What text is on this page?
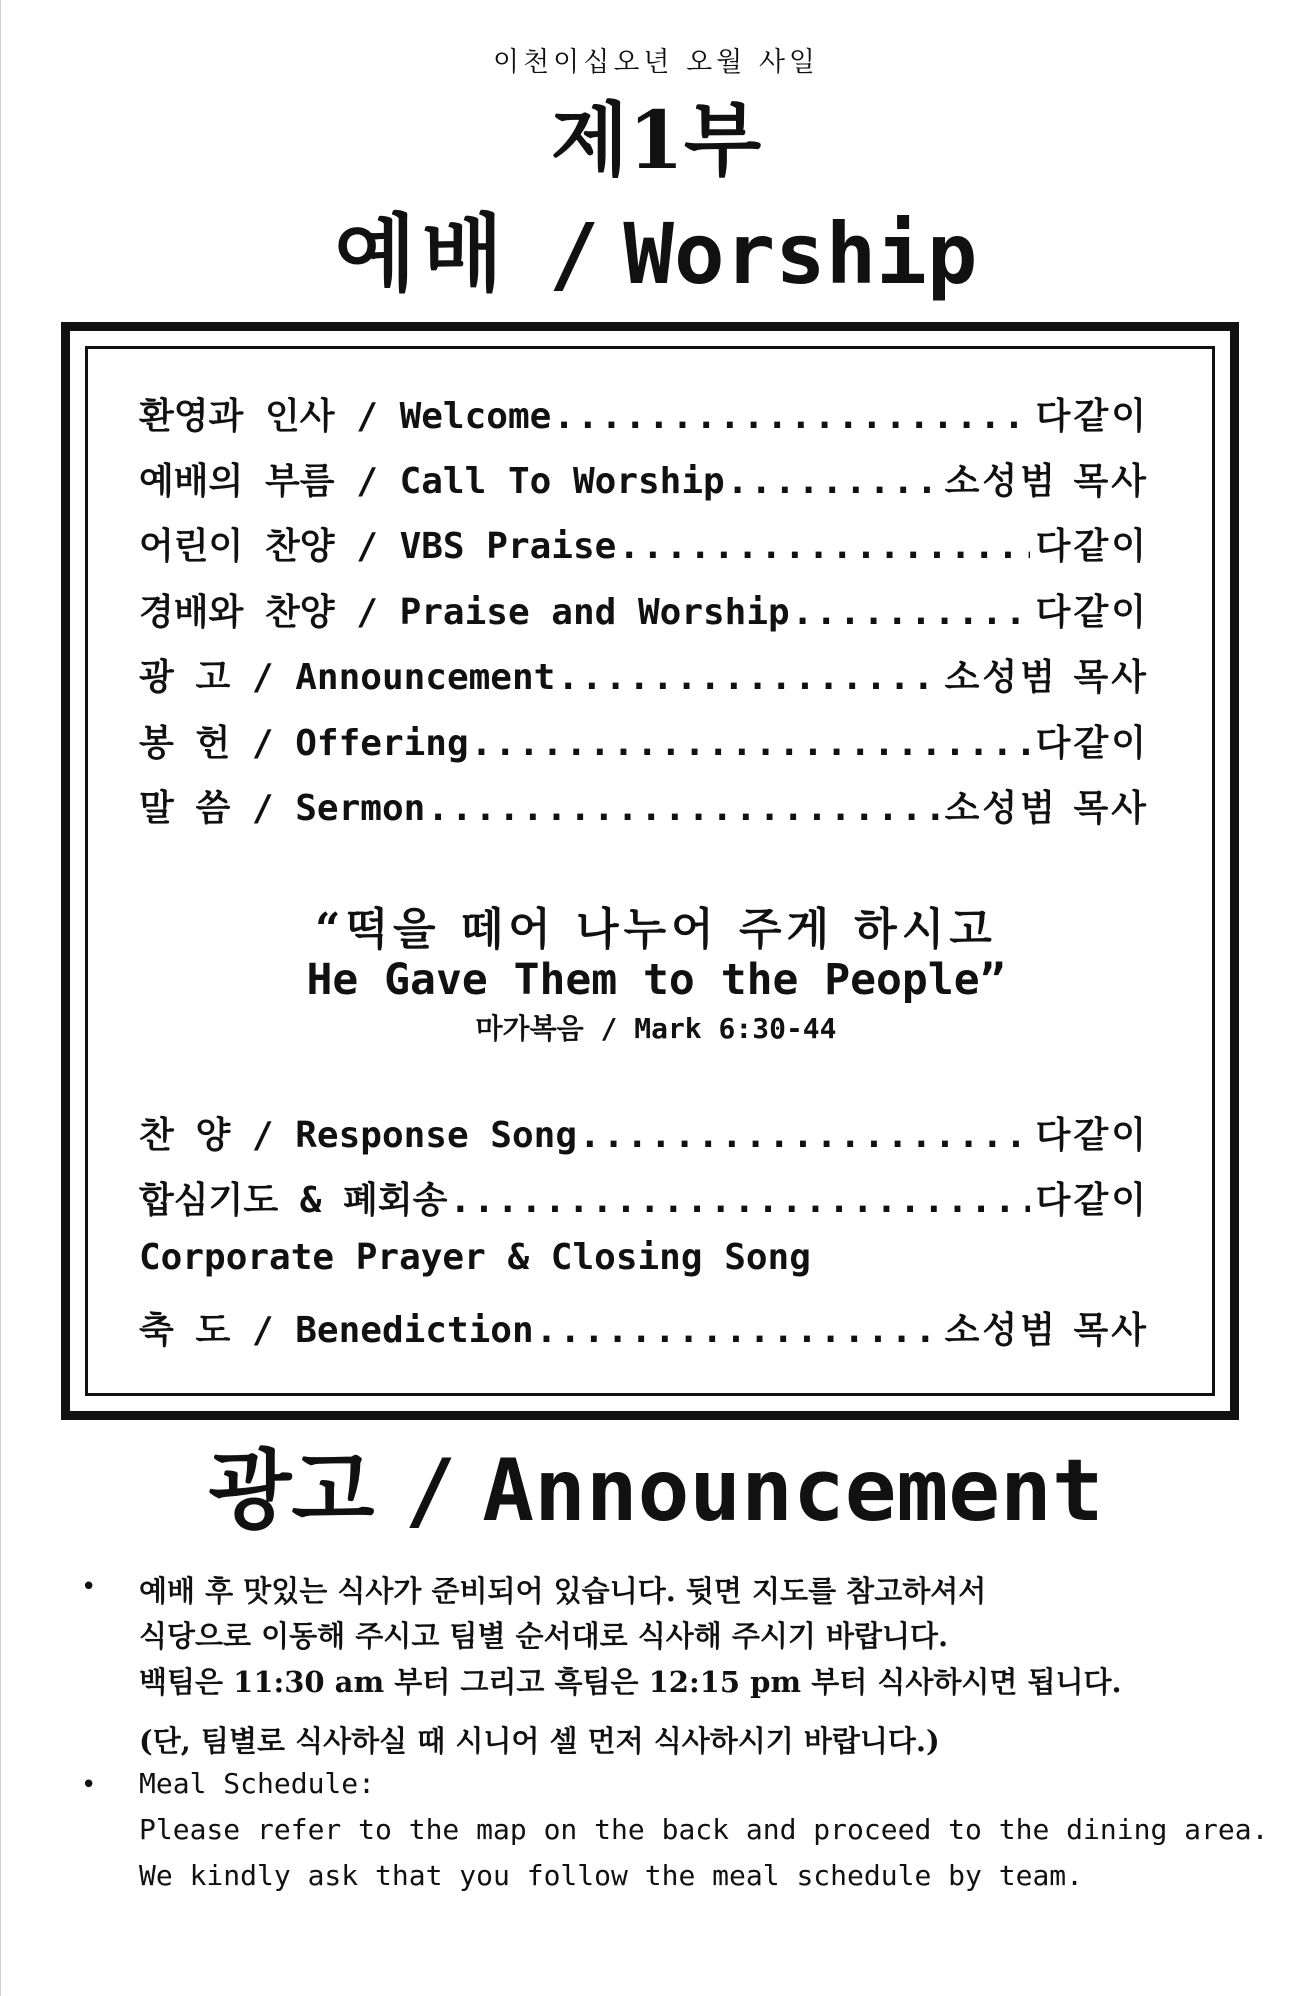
이천이십오년 오월 사일
제1부
예배 / Worship
환영과 인사 / Welcome .....	다같이
예배의 부름 / Call To Worship .....	소성범 목사
어린이 찬양 / VBS Praise .....	다같이
경배와 찬양 / Praise and Worship .....	다같이
광 고 / Announcement .....	소성범 목사
봉 헌 / Offering .....	다같이
말 씀 / Sermon .....	소성범 목사
“떡을 떼어 나누어 주게 하시고
He Gave Them to the People”
마가복음 / Mark 6:30-44
찬 양 / Response Song .....	다같이
합심기도 & 폐회송 .....	다같이
Corporate Prayer & Closing Song
축 도 / Benediction .....	소성범 목사
광고 / Announcement
• 예배 후 맛있는 식사가 준비되어 있습니다. 뒷면 지도를 참고하셔서
식당으로 이동해 주시고 팀별 순서대로 식사해 주시기 바랍니다.
백팀은 11:30 am 부터 그리고 흑팀은 12:15 pm 부터 식사하시면 됩니다.
(단, 팀별로 식사하실 때 시니어 셀 먼저 식사하시기 바랍니다.)
• Meal Schedule:
Please refer to the map on the back and proceed to the dining area.
We kindly ask that you follow the meal schedule by team.
